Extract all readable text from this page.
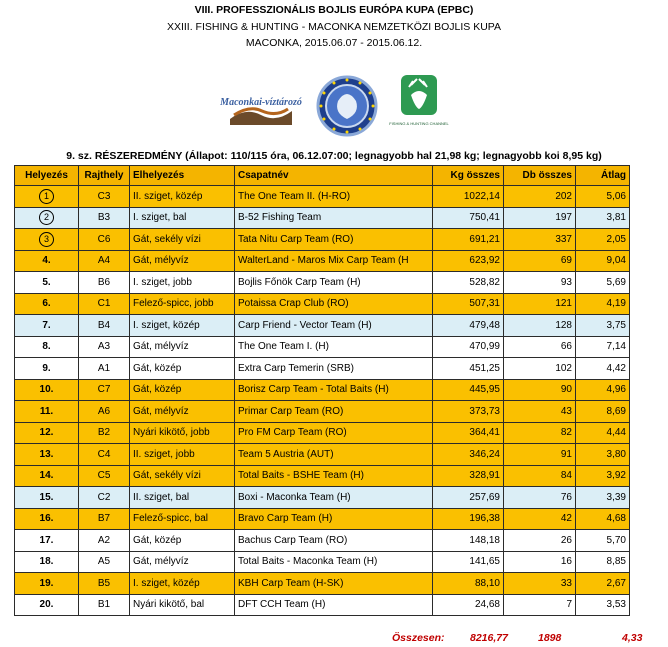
VIII. PROFESSZIONÁLIS BOJLIS EURÓPA KUPA (EPBC)
XXIII. FISHING & HUNTING - MACONKA NEMZETKÖZI BOJLIS KUPA
MACONKA, 2015.06.07 - 2015.06.12.
Maconkai-víztározó
FISHING & HUNTING CHANNEL
9. sz. RÉSZEREDMÉNY (Állapot: 110/115 óra, 06.12.07:00; legnagyobb hal 21,98 kg; legnagyobb koi 8,95 kg)
Helyezés	Rajthely	Elhelyezés	Csapatnév	Kg összes	Db összes	Átlag
1	C3	II. sziget, közép	The One Team II. (H-RO)	1022,14	202	5,06
2	B3	I. sziget, bal	B-52 Fishing Team	750,41	197	3,81
3	C6	Gát, sekély vízi	Tata Nitu Carp Team (RO)	691,21	337	2,05
4.	A4	Gát, mélyvíz	WalterLand - Maros Mix Carp Team (H	623,92	69	9,04
5.	B6	I. sziget, jobb	Bojlis Főnök Carp Team (H)	528,82	93	5,69
6.	C1	Felező-spicc, jobb	Potaissa Crap Club (RO)	507,31	121	4,19
7.	B4	I. sziget, közép	Carp Friend - Vector Team (H)	479,48	128	3,75
8.	A3	Gát, mélyvíz	The One Team I. (H)	470,99	66	7,14
9.	A1	Gát, közép	Extra Carp Temerin (SRB)	451,25	102	4,42
10.	C7	Gát, közép	Borisz Carp Team - Total Baits (H)	445,95	90	4,96
11.	A6	Gát, mélyvíz	Primar Carp Team (RO)	373,73	43	8,69
12.	B2	Nyári kikötő, jobb	Pro FM Carp Team (RO)	364,41	82	4,44
13.	C4	II. sziget, jobb	Team 5 Austria (AUT)	346,24	91	3,80
14.	C5	Gát, sekély vízi	Total Baits - BSHE Team (H)	328,91	84	3,92
15.	C2	II. sziget, bal	Boxi - Maconka Team (H)	257,69	76	3,39
16.	B7	Felező-spicc, bal	Bravo Carp Team (H)	196,38	42	4,68
17.	A2	Gát, közép	Bachus Carp Team (RO)	148,18	26	5,70
18.	A5	Gát, mélyvíz	Total Baits - Maconka Team (H)	141,65	16	8,85
19.	B5	I. sziget, közép	KBH Carp Team (H-SK)	88,10	33	2,67
20.	B1	Nyári kikötő, bal	DFT CCH Team (H)	24,68	7	3,53
Összesen: 8216,77	1898	4,33
